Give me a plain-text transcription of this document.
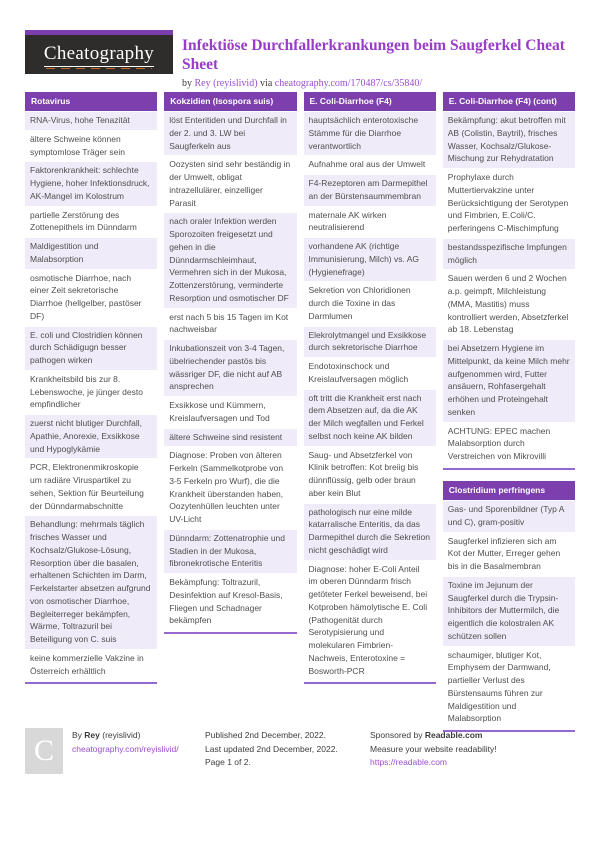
Cheatography Infektiöse Durchfallerkrankungen beim Saugferkel Cheat Sheet
by Rey (reyislivid) via cheatography.com/170487/cs/35840/
Rotavirus
RNA-Virus, hohe Tenazität
ältere Schweine können symptomlose Träger sein
Faktorenkrankheit: schlechte Hygiene, hoher Infektionsdruck, AK-Mangel im Kolostrum
partielle Zerstörung des Zottenepithels im Dünndarm
Maldigestition und Malabsorption
osmotische Diarrhoe, nach einer Zeit sekretorische Diarrhoe (hellgelber, pastöser DF)
E. coli und Clostridien können durch Schädigugn besser pathogen wirken
Krankheitsbild bis zur 8. Lebenswoche, je jünger desto empfindlicher
zuerst nicht blutiger Durchfall, Apathie, Anorexie, Exsikkose und Hypoglykämie
PCR, Elektronenmikroskopie um radiäre Viruspartikel zu sehen, Sektion für Beurteilung der Dünndarmabschnitte
Behandlung: mehrmals täglich frisches Wasser und Kochsalz/Glukose-Lösung, Resorption über die basalen, erhaltenen Schichten im Darm, Ferkelstarter absetzen aufgrund von osmotischer Diarrhoe, Begleiterreger bekämpfen, Wärme, Toltrazuril bei Beteiligung von C. suis
keine kommerzielle Vakzine in Österreich erhältlich
Kokzidien (Isospora suis)
löst Enteritiden und Durchfall in der 2. und 3. LW bei Saugferkeln aus
Oozysten sind sehr beständig in der Umwelt, obligat intrazellulärer, einzelliger Parasit
nach oraler Infektion werden Sporozoiten freigesetzt und gehen in die Dünndarmschleimhaut, Vermehren sich in der Mukosa, Zottenzerstörung, verminderte Resorption und osmotischer DF
erst nach 5 bis 15 Tagen im Kot nachweisbar
Inkubationszeit von 3-4 Tagen, übelriechender pastös bis wässriger DF, die nicht auf AB ansprechen
Exsikkose und Kümmern, Kreislaufversagen und Tod
ältere Schweine sind resistent
Diagnose: Proben von älteren Ferkeln (Sammelkotprobe von 3-5 Ferkeln pro Wurf), die die Krankheit überstanden haben, Oozytenhüllen leuchten unter UV-Licht
Dünndarm: Zottenatrophie und Stadien in der Mukosa, fibronekrotische Enteritis
Bekämpfung: Toltrazuril, Desinfektion auf Kresol-Basis, Fliegen und Schadnager bekämpfen
E. Coli-Diarrhoe (F4)
hauptsächlich enterotoxische Stämme für die Diarrhoe verantwortlich
Aufnahme oral aus der Umwelt
F4-Rezeptoren am Darmepithel an der Bürstensaummembran
maternale AK wirken neutralisierend
vorhandene AK (richtige Immunisierung, Milch) vs. AG (Hygienefrage)
Sekretion von Chloridionen durch die Toxine in das Darmlumen
Elekrolytmangel und Exsikkose durch sekretorische Diarrhoe
Endotoxinschock und Kreislaufversagen möglich
oft tritt die Krankheit erst nach dem Absetzen auf, da die AK der Milch wegfallen und Ferkel selbst noch keine AK bilden
Saug- und Absetzferkel von Klinik betroffen: Kot breiig bis dünnflüssig, gelb oder braun aber kein Blut
pathologisch nur eine milde katarralische Enteritis, da das Darmepithel durch die Sekretion nicht geschädigt wird
Diagnose: hoher E-Coli Anteil im oberen Dünndarm frisch getöteter Ferkel beweisend, bei Kotproben hämolytische E. Coli (Pathogenität durch Serotypisierung und molekularen Fimbrien-Nachweis, Enterotoxine = Bosworth-PCR
E. Coli-Diarrhoe (F4) (cont)
Bekämpfung: akut betroffen mit AB (Colistin, Baytril), frisches Wasser, Kochsalz/Glukose-Mischung zur Rehydratation
Prophylaxe durch Muttertiervakzine unter Berücksichtigung der Serotypen und Fimbrien, E.Coli/C. perferingens C-Mischimpfung
bestandsspezifische Impfungen möglich
Sauen werden 6 und 2 Wochen a.p. geimpft, Milchleistung (MMA, Mastitis) muss kontrolliert werden, Absetzferkel ab 18. Lebenstag
bei Absetzern Hygiene im Mittelpunkt, da keine Milch mehr aufgenommen wird, Futter ansäuern, Rohfasergehalt erhöhen und Proteingehalt senken
ACHTUNG: EPEC machen Malabsorption durch Verstreichen von Mikrovilli
Clostridium perfringens
Gas- und Sporenbildner (Typ A und C), gram-positiv
Saugferkel infizieren sich am Kot der Mutter, Erreger gehen bis in die Basalmembran
Toxine im Jejunum der Saugferkel durch die Trypsin-Inhibitors der Muttermilch, die eigentlich die kolostralen AK schützen sollen
schaumiger, blutiger Kot, Emphysem der Darmwand, partieller Verlust des Bürstensaums führen zur Maldigestition und Malabsorption
C By Rey (reyislivid)
cheatography.com/reyislivid/
Published 2nd December, 2022.
Last updated 2nd December, 2022.
Page 1 of 2.
Sponsored by Readable.com
Measure your website readability!
https://readable.com
